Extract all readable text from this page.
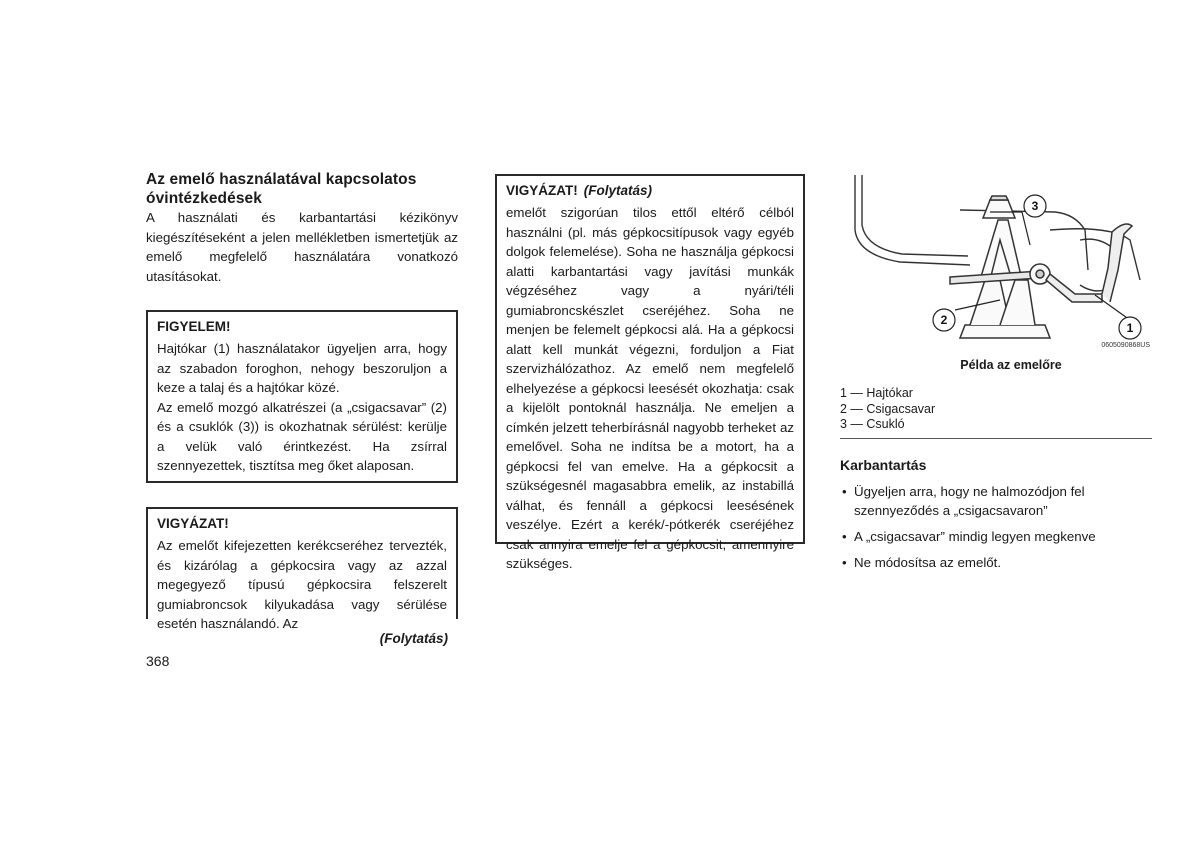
Az emelő használatával kapcsolatos óvintézkedések

A használati és karbantartási kézikönyv kiegészítéseként a jelen mellékletben ismertetjük az emelő megfelelő használatára vonatkozó utasításokat.

FIGYELEM!

Hajtókar (1) használatakor ügyeljen arra, hogy az szabadon foroghon, nehogy beszoruljon a keze a talaj és a hajtókar közé.

Az emelő mozgó alkatrészei (a „csigacsavar” (2) és a csuklók (3)) is okozhatnak sérülést: kerülje a velük való érintkezést. Ha zsírral szennyezettek, tisztítsa meg őket alaposan.

VIGYÁZAT!

Az emelőt kifejezetten kerékcseréhez tervezték, és kizárólag a gépkocsira vagy az azzal megegyező típusú gépkocsira felszerelt gumiabroncsok kilyukadása vagy sérülése esetén használandó. Az

(Folytatás)
VIGYÁZAT! (Folytatás)

emelőt szigorúan tilos ettől eltérő célból használni (pl. más gépkocsitípusok vagy egyéb dolgok felemelése). Soha ne használja gépkocsi alatti karbantartási vagy javítási munkák végzéséhez vagy a nyári/téli gumiabroncskészlet cseréjéhez. Soha ne menjen be felemelt gépkocsi alá. Ha a gépkocsi alatt kell munkát végezni, forduljon a Fiat szervizhálózathoz. Az emelő nem megfelelő elhelyezése a gépkocsi leesését okozhatja: csak a kijelölt pontoknál használja. Ne emeljen a címkén jelzett teherbírásnál nagyobb terheket az emelővel. Soha ne indítsa be a motort, ha a gépkocsi fel van emelve. Ha a gépkocsit a szükségesnél magasabbra emelik, az instabillá válhat, és fennáll a gépkocsi leesésének veszélye. Ezért a kerék/-pótkerék cseréjéhez csak annyira emelje fel a gépkocsit, amennyire szükséges.

3
2
1
0605090868US
Példa az emelőre
1 — Hajtókar
2 — Csigacsavar
3 — Csukló
Karbantartás
• Ügyeljen arra, hogy ne halmozódjon fel szennyeződés a „csigacsavaron”
• A „csigacsavar” mindig legyen megkenve
• Ne módosítsa az emelőt.
368
